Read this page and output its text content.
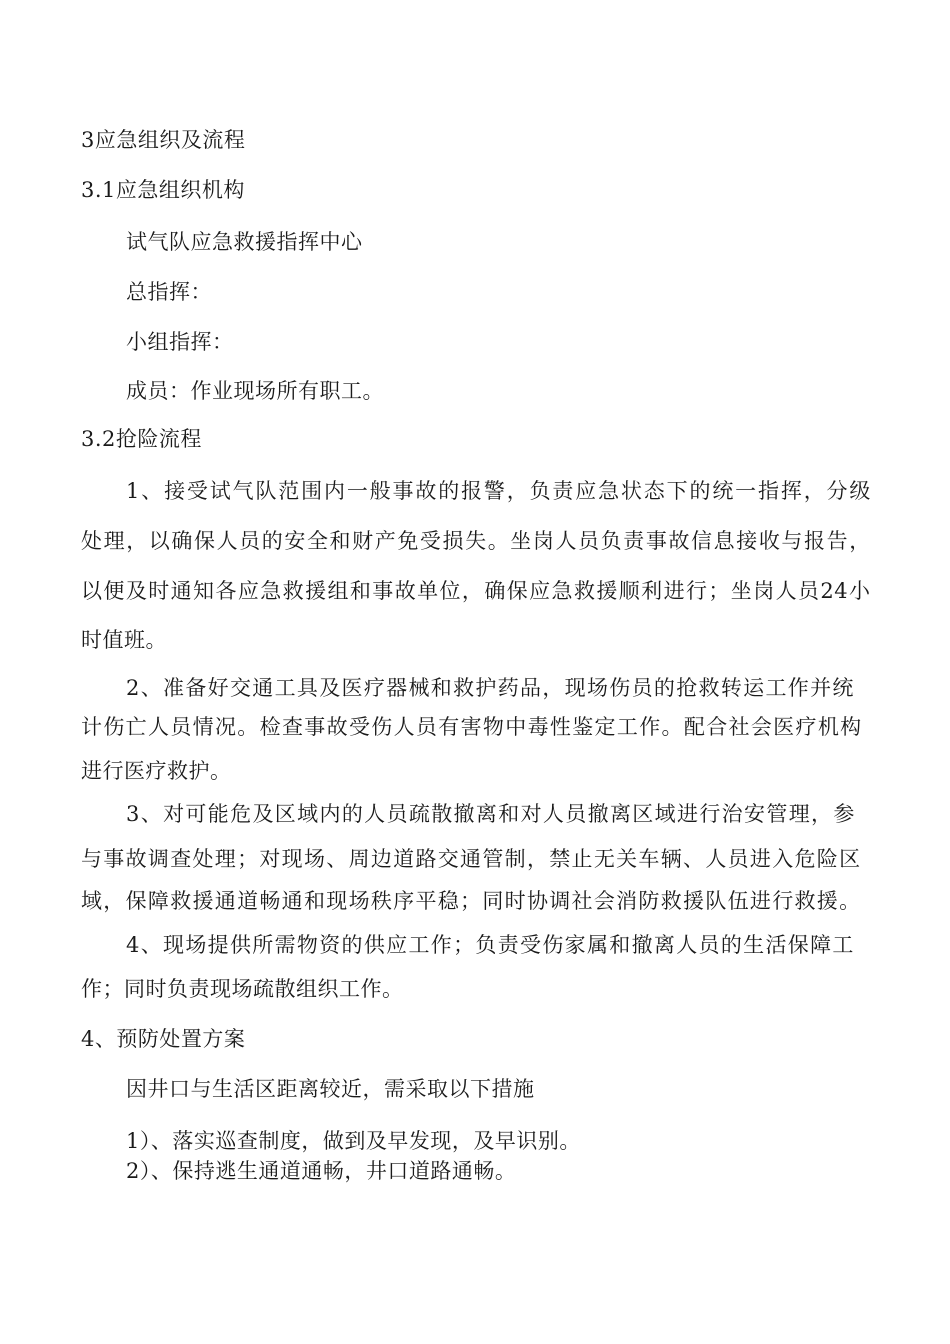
3应急组织及流程
3.1应急组织机构
试气队应急救援指挥中心
总指挥：
小组指挥：
成员：作业现场所有职工。
3.2抢险流程
1 、 接 受 试 气 队 范 围 内 一 般 事 故 的 报 警 ， 负 责 应 急 状 态 下 的 统 一 指 挥 ， 分 级
处 理 ， 以 确 保 人 员 的 安 全 和 财 产 免 受 损 失 。 坐 岗 人 员 负 责 事 故 信 息 接 收 与 报 告 ，
以 便 及 时 通 知 各 应 急 救 援 组 和 事 故 单 位 ， 确 保 应 急 救 援 顺 利 进 行 ； 坐 岗 人 员 24 小
时值班。
2 、 准 备 好 交 通 工 具 及 医 疗 器 械 和 救 护 药 品 ， 现 场 伤 员 的 抢 救 转 运 工 作 并 统
计 伤 亡 人 员 情 况 。 检 查 事 故 受 伤 人 员 有 害 物 中 毒 性 鉴 定 工 作 。 配 合 社 会 医 疗 机 构
进行医疗救护。
3 、 对 可 能 危 及 区 域 内 的 人 员 疏 散 撤 离 和 对 人 员 撤 离 区 域 进 行 治 安 管 理 ， 参
与 事 故 调 查 处 理 ； 对 现 场 、 周 边 道 路 交 通 管 制 ， 禁 止 无 关 车 辆 、 人 员 进 入 危 险 区
域 ， 保 障 救 援 通 道 畅 通 和 现 场 秩 序 平 稳 ； 同 时 协 调 社 会 消 防 救 援 队 伍 进 行 救 援 。
4 、 现 场 提 供 所 需 物 资 的 供 应 工 作 ； 负 责 受 伤 家 属 和 撤 离 人 员 的 生 活 保 障 工
作；同时负责现场疏散组织工作。
4、预防处置方案
因井口与生活区距离较近，需采取以下措施
1）、落实巡查制度，做到及早发现，及早识别。
2）、保持逃生通道通畅，井口道路通畅。
